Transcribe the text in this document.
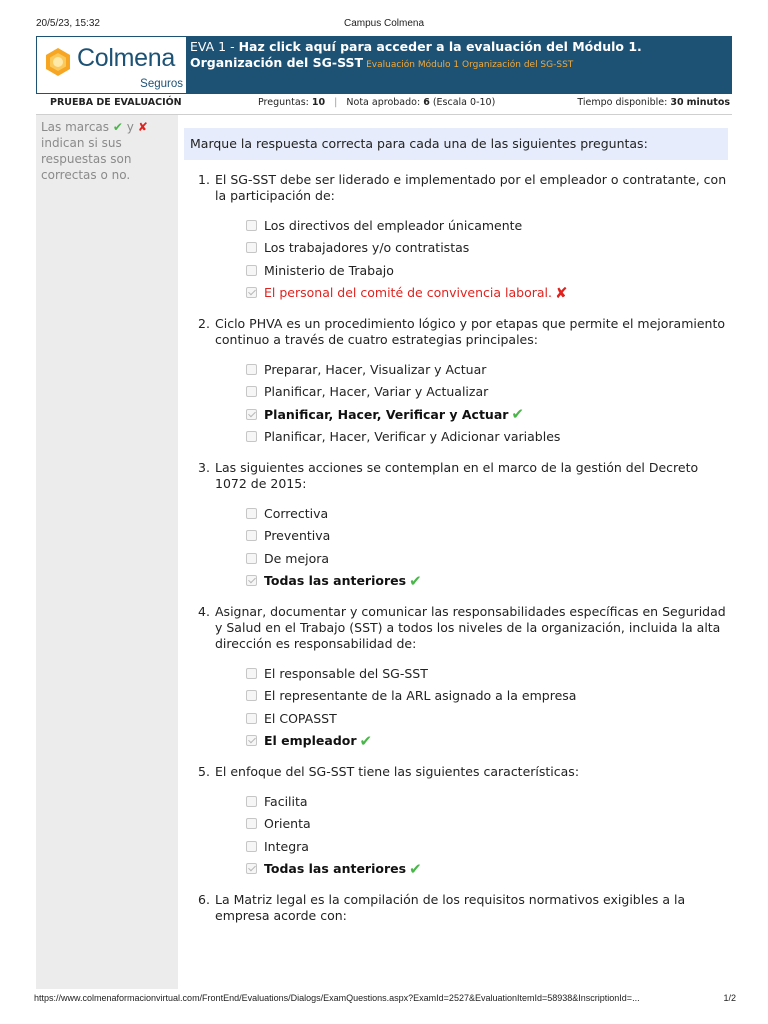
20/5/23, 15:32	Campus Colmena
Colmena
Seguros
EVA 1 - Haz click aquí para acceder a la evaluación del Módulo 1. Organización del SG-SST Evaluación Módulo 1 Organización del SG-SST
PRUEBA DE EVALUACIÓN	Preguntas: 10 | Nota aprobado: 6 (Escala 0-10)	Tiempo disponible: 30 minutos
Las marcas ✔ y ✘ indican si sus respuestas son correctas o no.
Marque la respuesta correcta para cada una de las siguientes preguntas:
1. El SG-SST debe ser liderado e implementado por el empleador o contratante, con la participación de:
Los directivos del empleador únicamente
Los trabajadores y/o contratistas
Ministerio de Trabajo
El personal del comité de convivencia laboral. ✘
2. Ciclo PHVA es un procedimiento lógico y por etapas que permite el mejoramiento continuo a través de cuatro estrategias principales:
Preparar, Hacer, Visualizar y Actuar
Planificar, Hacer, Variar y Actualizar
Planificar, Hacer, Verificar y Actuar ✔
Planificar, Hacer, Verificar y Adicionar variables
3. Las siguientes acciones se contemplan en el marco de la gestión del Decreto 1072 de 2015:
Correctiva
Preventiva
De mejora
Todas las anteriores ✔
4. Asignar, documentar y comunicar las responsabilidades específicas en Seguridad y Salud en el Trabajo (SST) a todos los niveles de la organización, incluida la alta dirección es responsabilidad de:
El responsable del SG-SST
El representante de la ARL asignado a la empresa
El COPASST
El empleador ✔
5. El enfoque del SG-SST tiene las siguientes características:
Facilita
Orienta
Integra
Todas las anteriores ✔
6. La Matriz legal es la compilación de los requisitos normativos exigibles a la empresa acorde con:
https://www.colmenaformacionvirtual.com/FrontEnd/Evaluations/Dialogs/ExamQuestions.aspx?ExamId=2527&EvaluationItemId=58938&InscriptionId=...	1/2
